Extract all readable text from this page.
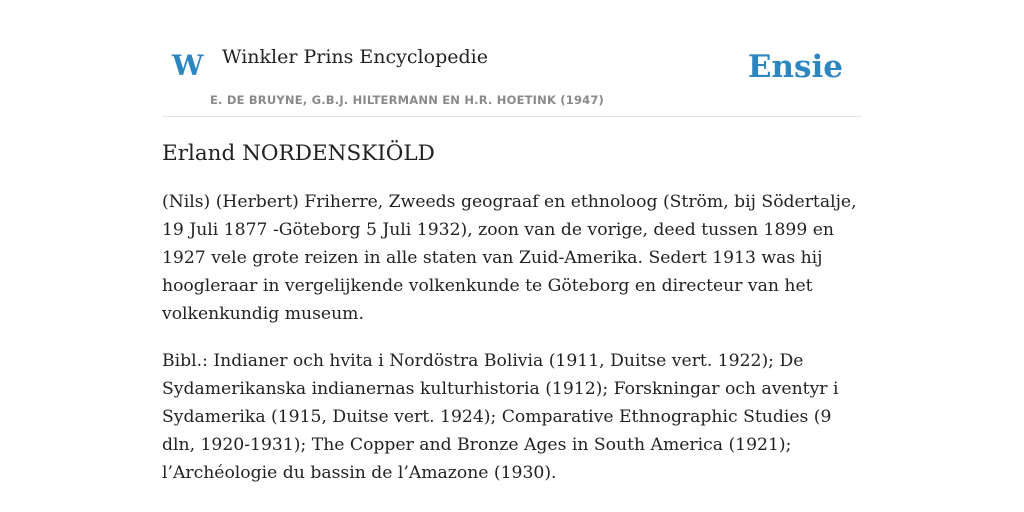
W Winkler Prins Encyclopedie
E. DE BRUYNE, G.B.J. HILTERMANN EN H.R. HOETINK (1947)
Ensie
Erland NORDENSKIÖLD

(Nils) (Herbert) Friherre, Zweeds geograaf en ethnoloog (Ström, bij Södertalje, 19 Juli 1877 -Göteborg 5 Juli 1932), zoon van de vorige, deed tussen 1899 en 1927 vele grote reizen in alle staten van Zuid-Amerika. Sedert 1913 was hij hoogleraar in vergelijkende volkenkunde te Göteborg en directeur van het volkenkundig museum.

Bibl.: Indianer och hvita i Nordöstra Bolivia (1911, Duitse vert. 1922); De Sydamerikanska indianernas kulturhistoria (1912); Forskningar och aventyr i Sydamerika (1915, Duitse vert. 1924); Comparative Ethnographic Studies (9 dln, 1920-1931); The Copper and Bronze Ages in South America (1921); l’Archéologie du bassin de l’Amazone (1930).
